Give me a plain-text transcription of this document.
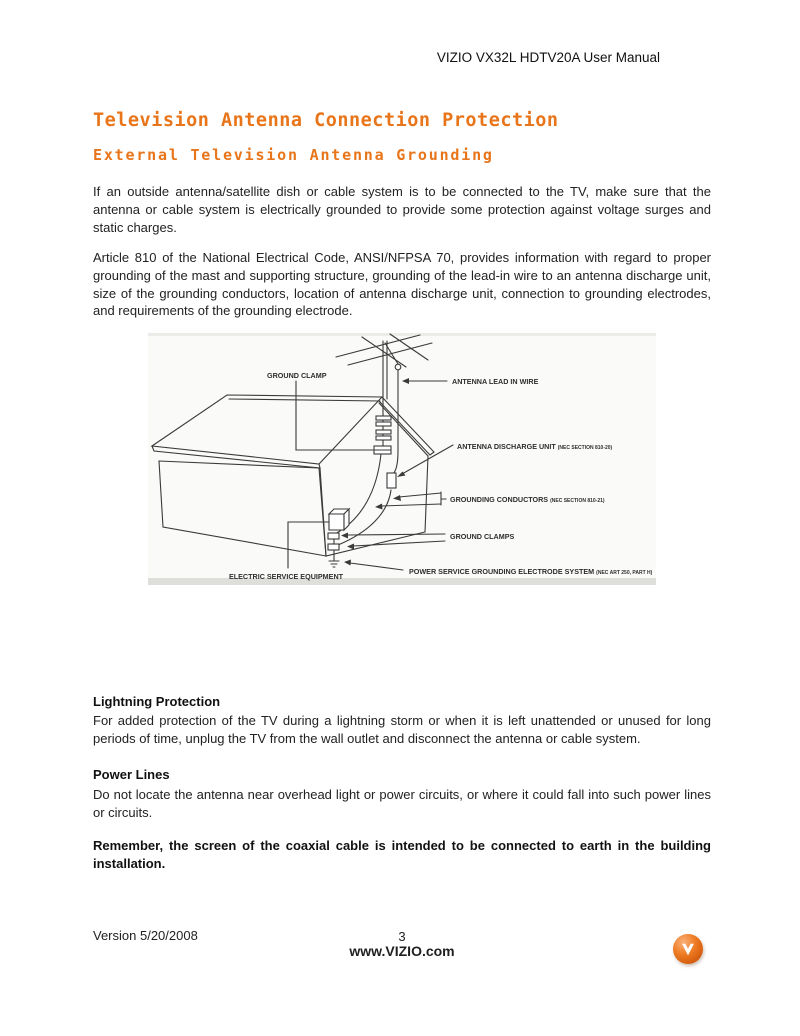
VIZIO VX32L HDTV20A User Manual
Television Antenna Connection Protection
External Television Antenna Grounding
If an outside antenna/satellite dish or cable system is to be connected to the TV, make sure that the antenna or cable system is electrically grounded to provide some protection against voltage surges and static charges.
Article 810 of the National Electrical Code, ANSI/NFPSA 70, provides information with regard to proper grounding of the mast and supporting structure, grounding of the lead-in wire to an antenna discharge unit, size of the grounding conductors, location of antenna discharge unit, connection to grounding electrodes, and requirements of the grounding electrode.
GROUND CLAMP
ANTENNA LEAD IN WIRE
ANTENNA DISCHARGE UNIT (NEC SECTION 810-20)
GROUNDING CONDUCTORS (NEC SECTION 810-21)
GROUND CLAMPS
ELECTRIC SERVICE EQUIPMENT
POWER SERVICE GROUNDING ELECTRODE SYSTEM (NEC ART 250, PART H)
Lightning Protection
For added protection of the TV during a lightning storm or when it is left unattended or unused for long periods of time, unplug the TV from the wall outlet and disconnect the antenna or cable system.
Power Lines
Do not locate the antenna near overhead light or power circuits, or where it could fall into such power lines or circuits.
Remember, the screen of the coaxial cable is intended to be connected to earth in the building installation.
Version 5/20/2008	3
www.VIZIO.com
